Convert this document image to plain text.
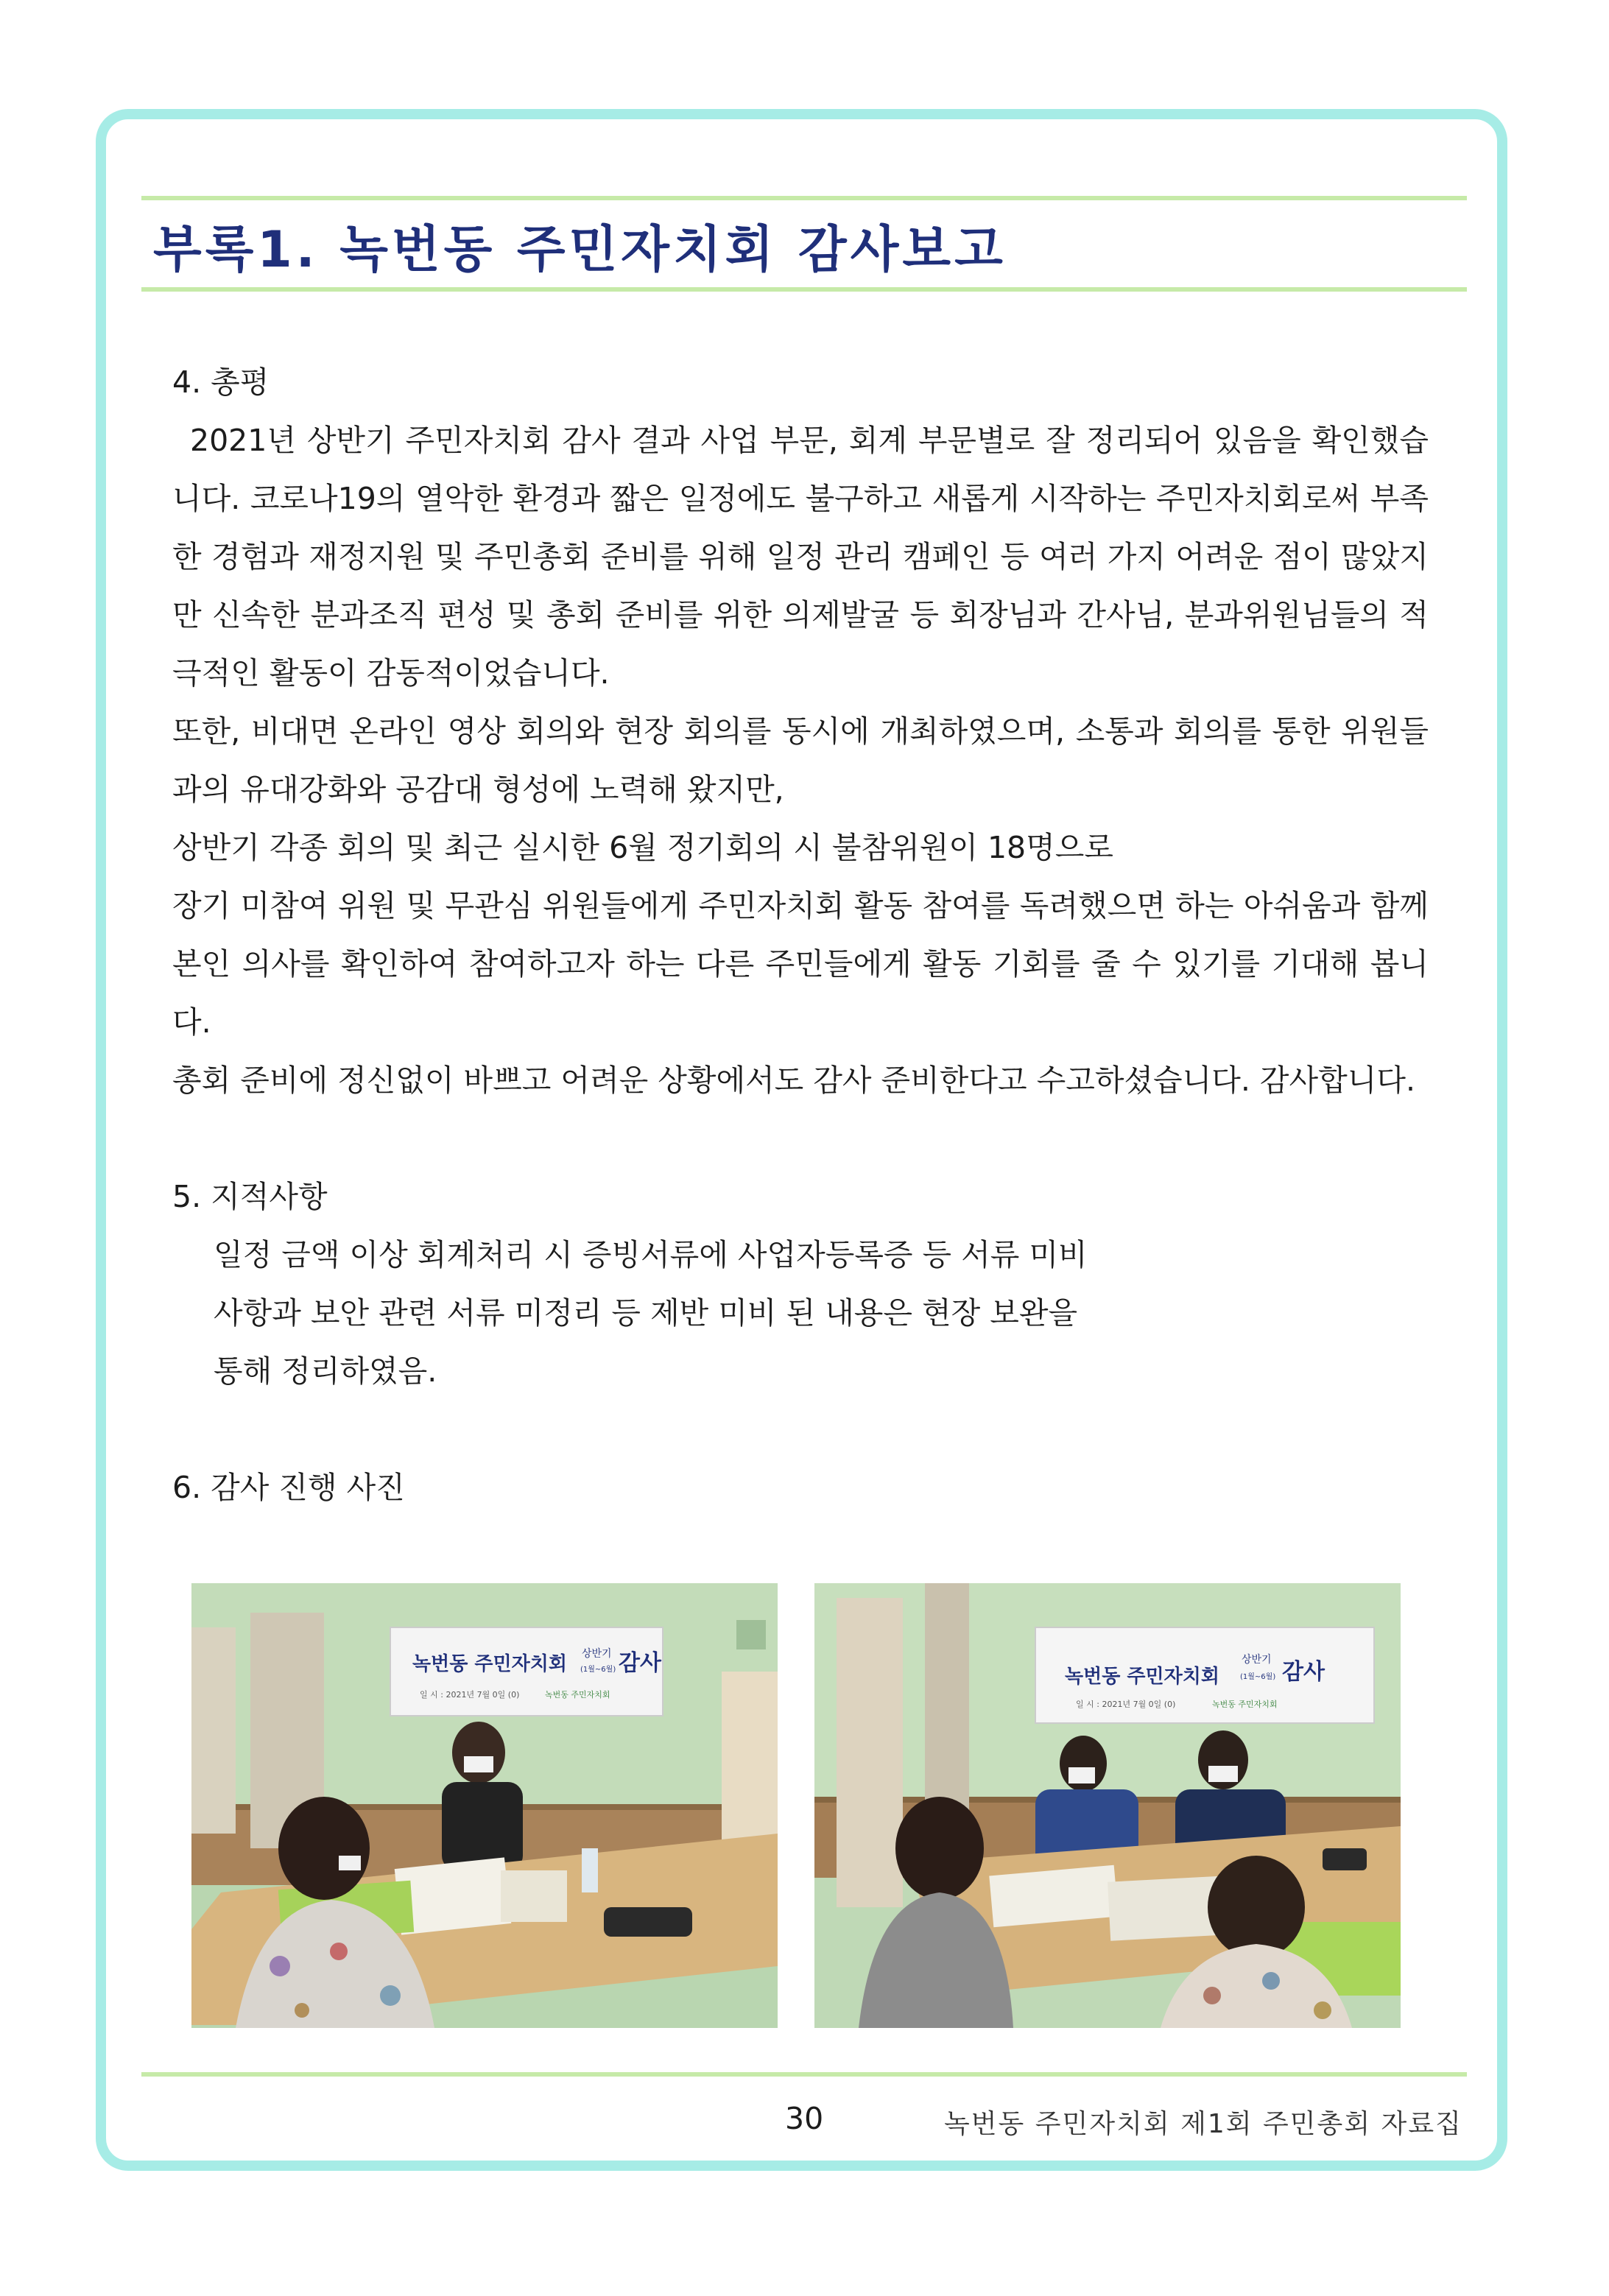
부록1. 녹번동 주민자치회 감사보고

4. 총평

2021년 상반기 주민자치회 감사 결과 사업 부문, 회계 부문별로 잘 정리되어 있음을 확인했습니다. 코로나19의 열악한 환경과 짧은 일정에도 불구하고 새롭게 시작하는 주민자치회로써 부족한 경험과 재정지원 및 주민총회 준비를 위해 일정 관리 캠페인 등 여러 가지 어려운 점이 많았지만 신속한 분과조직 편성 및 총회 준비를 위한 의제발굴 등 회장님과 간사님, 분과위원님들의 적극적인 활동이 감동적이었습니다.

또한, 비대면 온라인 영상 회의와 현장 회의를 동시에 개최하였으며, 소통과 회의를 통한 위원들과의 유대강화와 공감대 형성에 노력해 왔지만,

상반기 각종 회의 및 최근 실시한 6월 정기회의 시 불참위원이 18명으로

장기 미참여 위원 및 무관심 위원들에게 주민자치회 활동 참여를 독려했으면 하는 아쉬움과 함께 본인 의사를 확인하여 참여하고자 하는 다른 주민들에게 활동 기회를 줄 수 있기를 기대해 봅니다.

총회 준비에 정신없이 바쁘고 어려운 상황에서도 감사 준비한다고 수고하셨습니다. 감사합니다.

5. 지적사항

일정 금액 이상 회계처리 시 증빙서류에 사업자등록증 등 서류 미비

사항과 보안 관련 서류 미정리 등 제반 미비 된 내용은 현장 보완을

통해 정리하였음.

6. 감사 진행 사진

녹번동 주민자치회 상반기
(1월~6월) 감사
일 시 : 2021년 7월 0일 (0)	녹번동 주민자치회
녹번동 주민자치회
상반기
(1월~6월) 감사
일 시 : 2021년 7월 0일 (0)	녹번동 주민자치회
30	녹번동 주민자치회 제1회 주민총회 자료집
